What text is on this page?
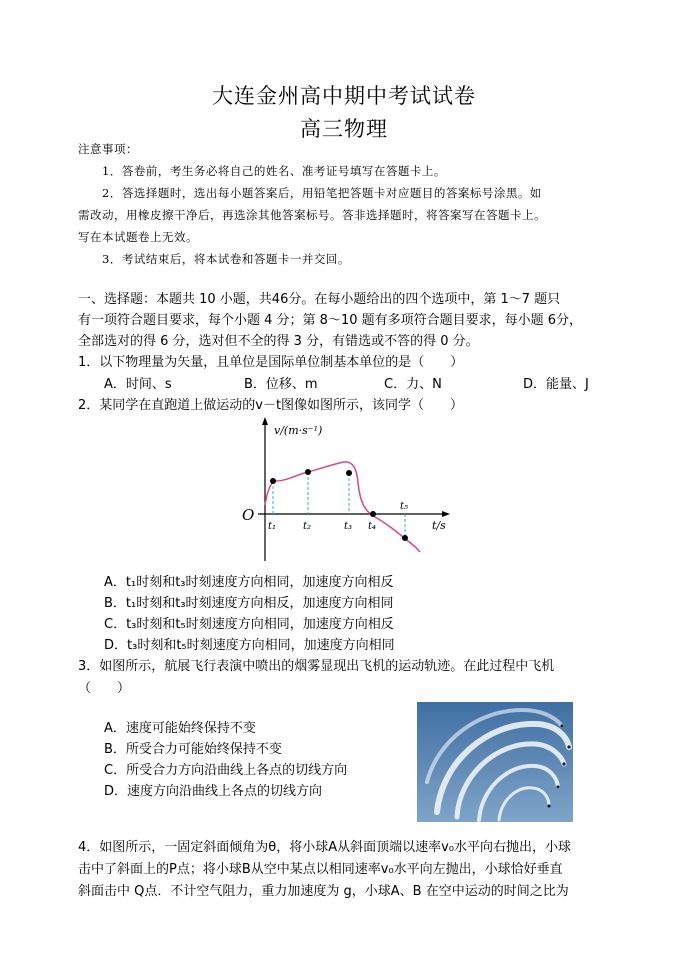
大连金州高中期中考试试卷
高三物理
注意事项：
1．答卷前，考生务必将自己的姓名、准考证号填写在答题卡上。
2．答选择题时，选出每小题答案后，用铅笔把答题卡对应题目的答案标号涂黑。如
需改动，用橡皮擦干净后，再选涂其他答案标号。答非选择题时，将答案写在答题卡上。
写在本试题卷上无效。
3．考试结束后，将本试卷和答题卡一并交回。
一、选择题：本题共 10 小题，共46分。在每小题给出的四个选项中，第 1～7 题只
有一项符合题目要求，每个小题 4 分；第 8～10 题有多项符合题目要求，每小题 6分，
全部选对的得 6 分，选对但不全的得 3 分，有错选或不答的得 0 分。
1．以下物理量为矢量，且单位是国际单位制基本单位的是（　　）
A．时间、s	B．位移、m	C．力、N	D．能量、J
2．某同学在直跑道上做运动的v－t图像如图所示，该同学（　　）
v/(m·s⁻¹)
O
t/s
t₁	t₂	t₃ t₄
t₅
A．t₁时刻和t₃时刻速度方向相同，加速度方向相反
B．t₁时刻和t₃时刻速度方向相反，加速度方向相同
C．t₃时刻和t₅时刻速度方向相同，加速度方向相反
D．t₃时刻和t₅时刻速度方向相同，加速度方向相同
3．如图所示，航展飞行表演中喷出的烟雾显现出飞机的运动轨迹。在此过程中飞机
（　　）
A．速度可能始终保持不变
B．所受合力可能始终保持不变
C．所受合力方向沿曲线上各点的切线方向
D．速度方向沿曲线上各点的切线方向
4．如图所示，一固定斜面倾角为θ，将小球A从斜面顶端以速率v₀水平向右抛出，小球
击中了斜面上的P点；将小球B从空中某点以相同速率v₀水平向左抛出，小球恰好垂直
斜面击中 Q点．不计空气阻力，重力加速度为 g，小球A、B 在空中运动的时间之比为
